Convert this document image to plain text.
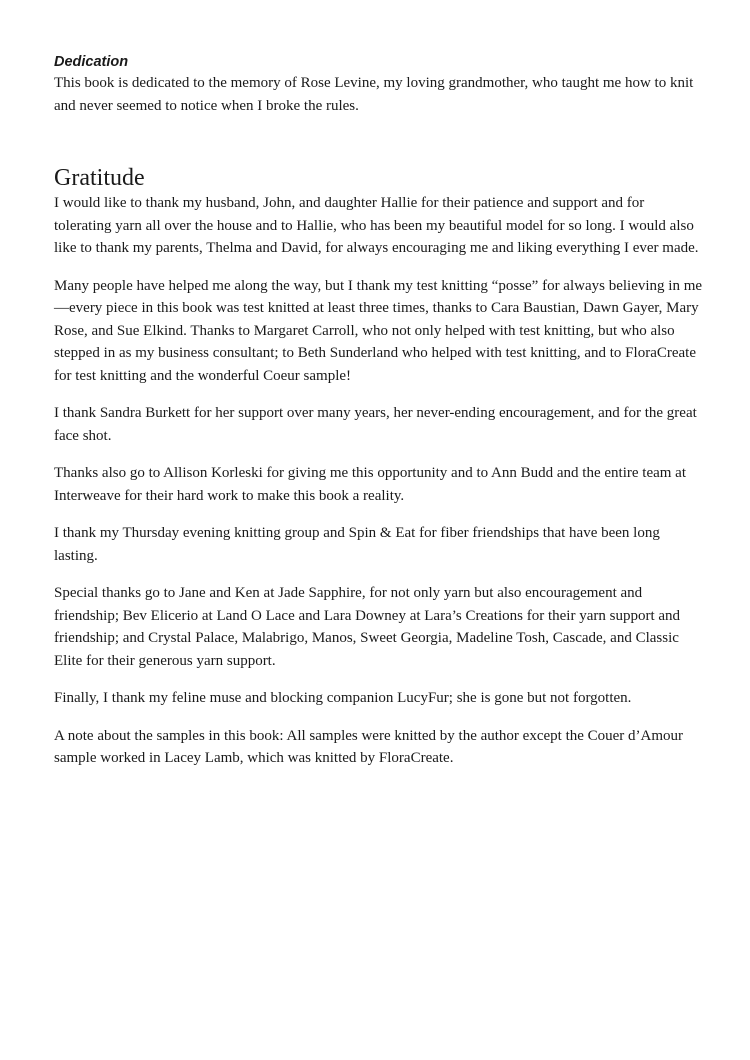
Dedication

This book is dedicated to the memory of Rose Levine, my loving grandmother, who taught me how to knit and never seemed to notice when I broke the rules.

Gratitude

I would like to thank my husband, John, and daughter Hallie for their patience and support and for tolerating yarn all over the house and to Hallie, who has been my beautiful model for so long. I would also like to thank my parents, Thelma and David, for always encouraging me and liking everything I ever made.

Many people have helped me along the way, but I thank my test knitting “posse” for always believing in me—every piece in this book was test knitted at least three times, thanks to Cara Baustian, Dawn Gayer, Mary Rose, and Sue Elkind. Thanks to Margaret Carroll, who not only helped with test knitting, but who also stepped in as my business consultant; to Beth Sunderland who helped with test knitting, and to FloraCreate for test knitting and the wonderful Coeur sample!

I thank Sandra Burkett for her support over many years, her never-ending encouragement, and for the great face shot.

Thanks also go to Allison Korleski for giving me this opportunity and to Ann Budd and the entire team at Interweave for their hard work to make this book a reality.

I thank my Thursday evening knitting group and Spin & Eat for fiber friendships that have been long lasting.

Special thanks go to Jane and Ken at Jade Sapphire, for not only yarn but also encouragement and friendship; Bev Elicerio at Land O Lace and Lara Downey at Lara’s Creations for their yarn support and friendship; and Crystal Palace, Malabrigo, Manos, Sweet Georgia, Madeline Tosh, Cascade, and Classic Elite for their generous yarn support.

Finally, I thank my feline muse and blocking companion LucyFur; she is gone but not forgotten.

A note about the samples in this book: All samples were knitted by the author except the Couer d’Amour sample worked in Lacey Lamb, which was knitted by FloraCreate.
